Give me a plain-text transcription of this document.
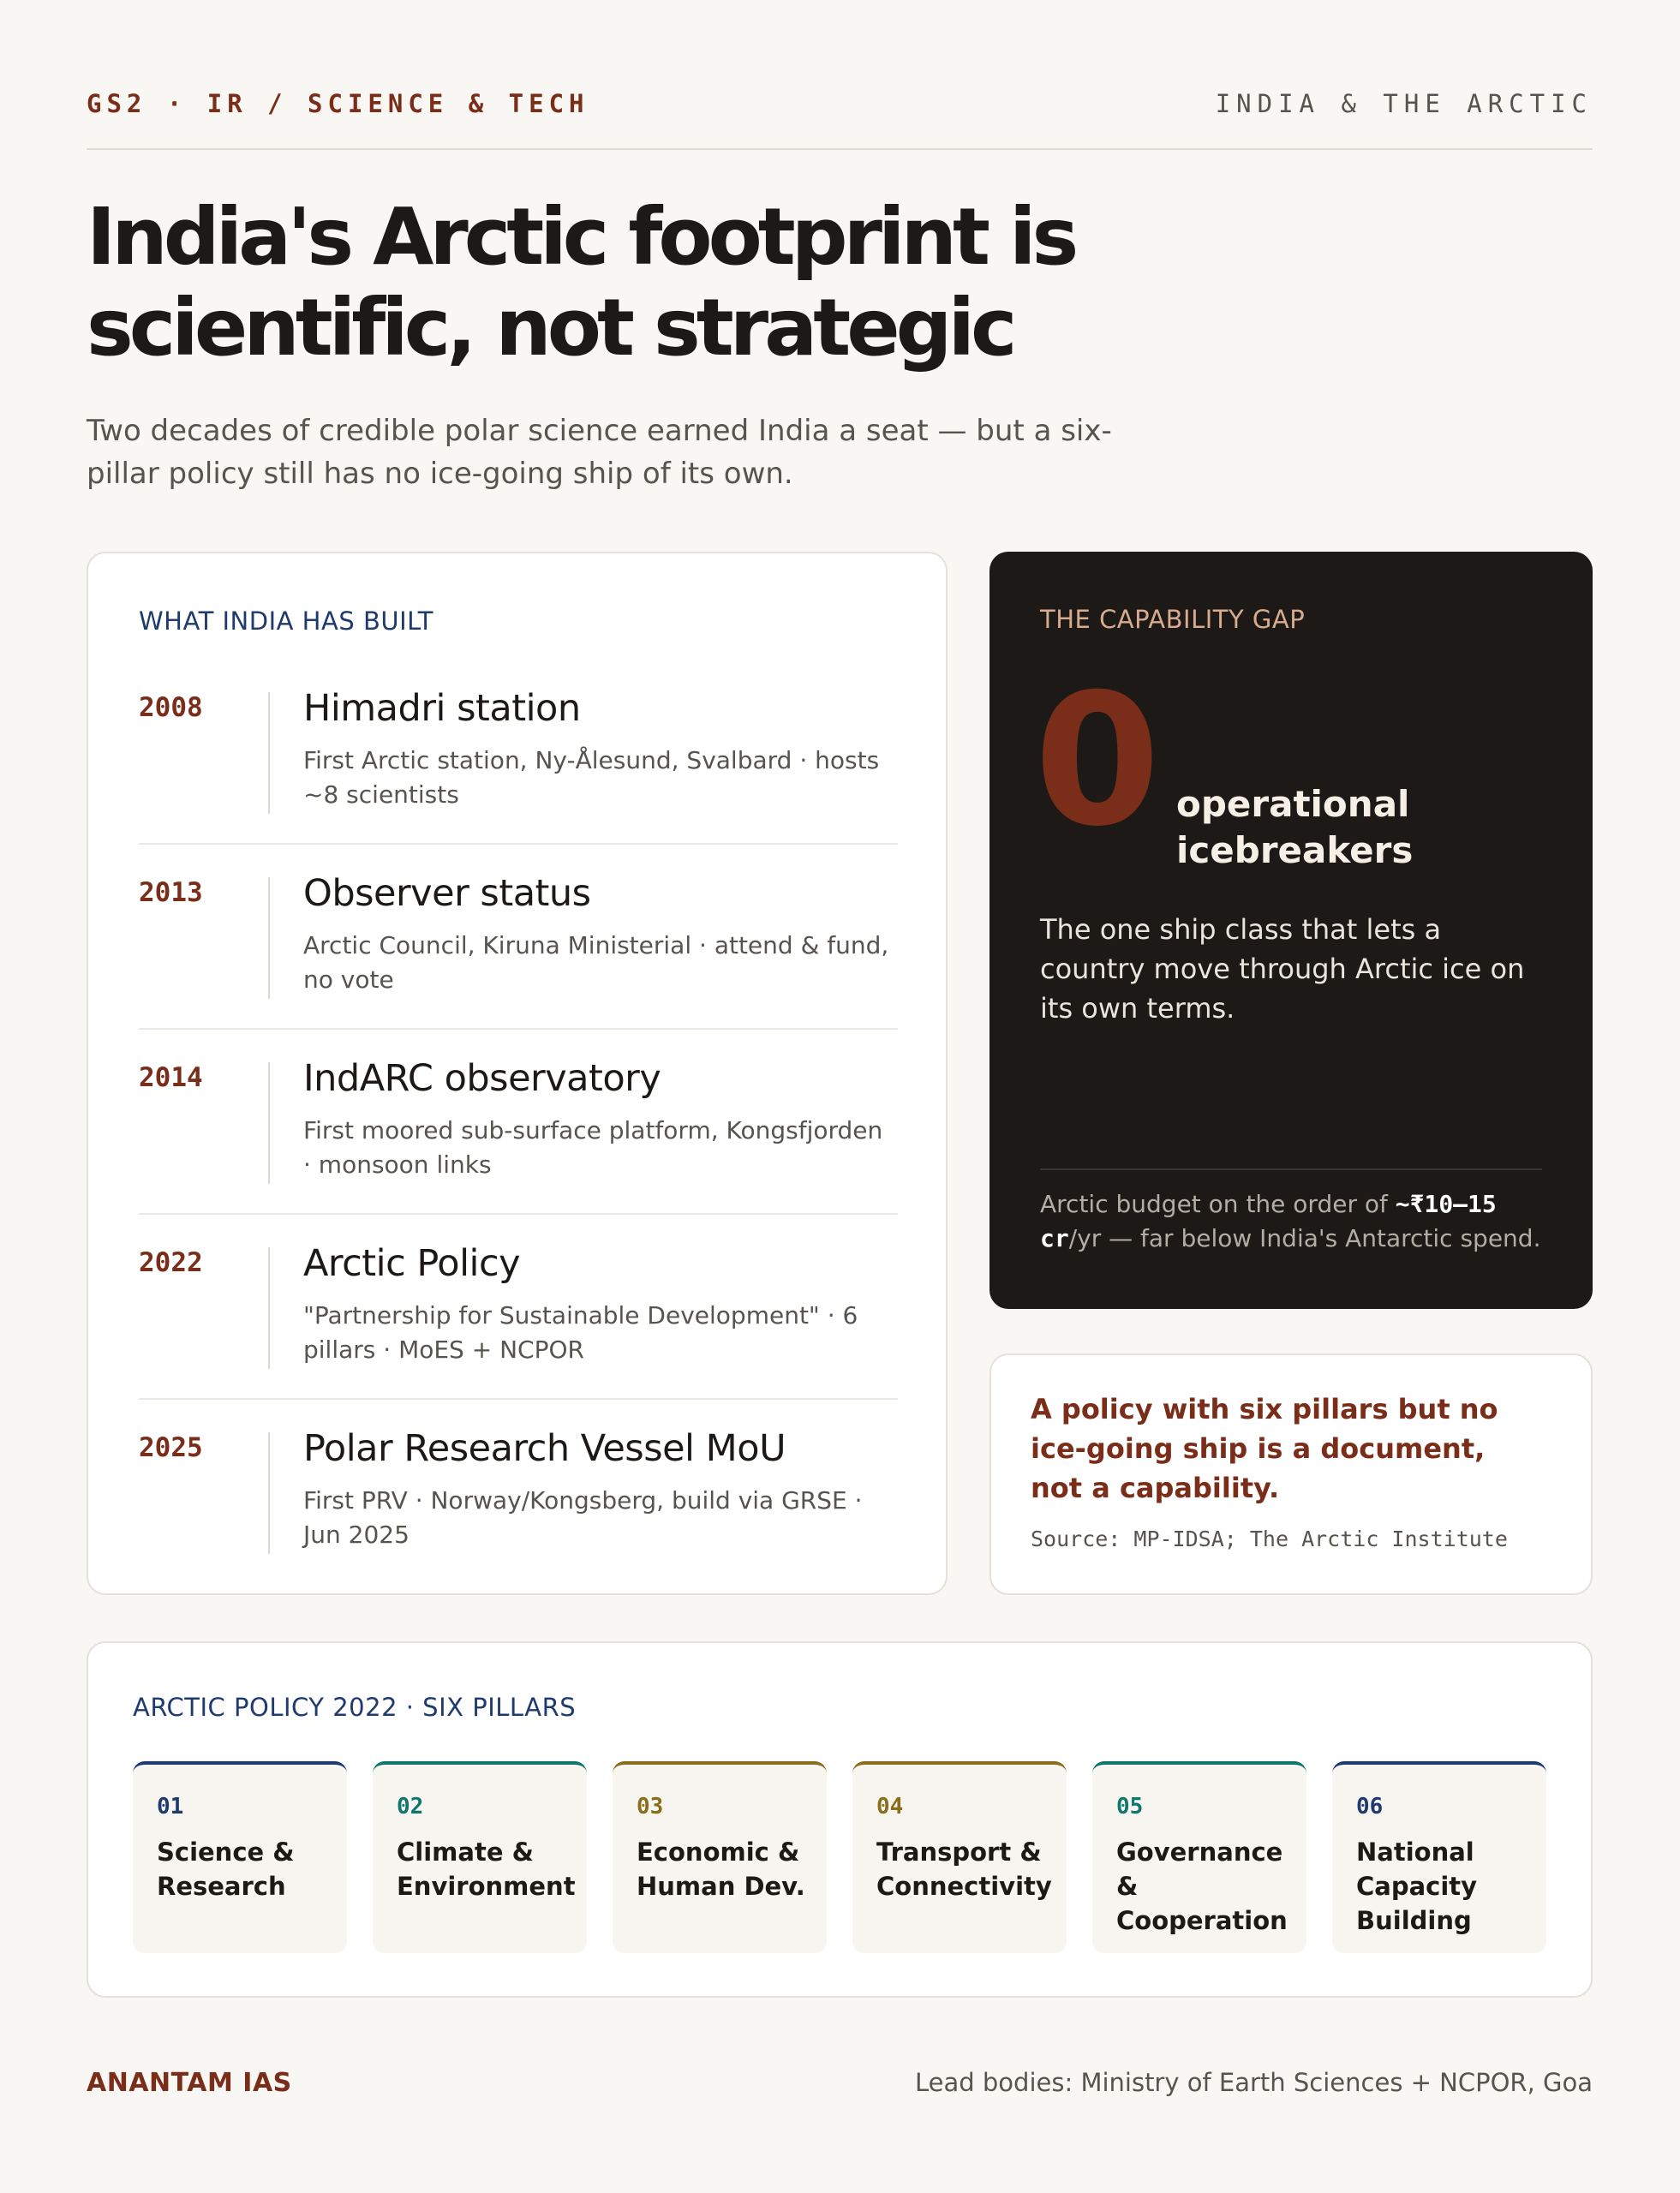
GS2 · IR / SCIENCE & TECH	INDIA & THE ARCTIC
India's Arctic footprint is scientific, not strategic

Two decades of credible polar science earned India a seat — but a six-pillar policy still has no ice-going ship of its own.

WHAT INDIA HAS BUILT
2008	Himadri station
First Arctic station, Ny-Ålesund, Svalbard · hosts ~8 scientists
2013	Observer status
Arctic Council, Kiruna Ministerial · attend & fund, no vote
2014	IndARC observatory
First moored sub-surface platform, Kongsfjorden · monsoon links
2022	Arctic Policy
"Partnership for Sustainable Development" · 6 pillars · MoES + NCPOR
2025	Polar Research Vessel MoU
First PRV · Norway/Kongsberg, build via GRSE · Jun 2025
THE CAPABILITY GAP
0 operational icebreakers
The one ship class that lets a country move through Arctic ice on its own terms.
Arctic budget on the order of ~₹10–15 cr/yr — far below India's Antarctic spend.
A policy with six pillars but no ice-going ship is a document, not a capability.
Source: MP-IDSA; The Arctic Institute
ARCTIC POLICY 2022 · SIX PILLARS
01
Science & Research
02
Climate & Environment
03
Economic & Human Dev.
04
Transport & Connectivity
05
Governance & Cooperation
06
National Capacity Building
ANANTAM IAS	Lead bodies: Ministry of Earth Sciences + NCPOR, Goa
